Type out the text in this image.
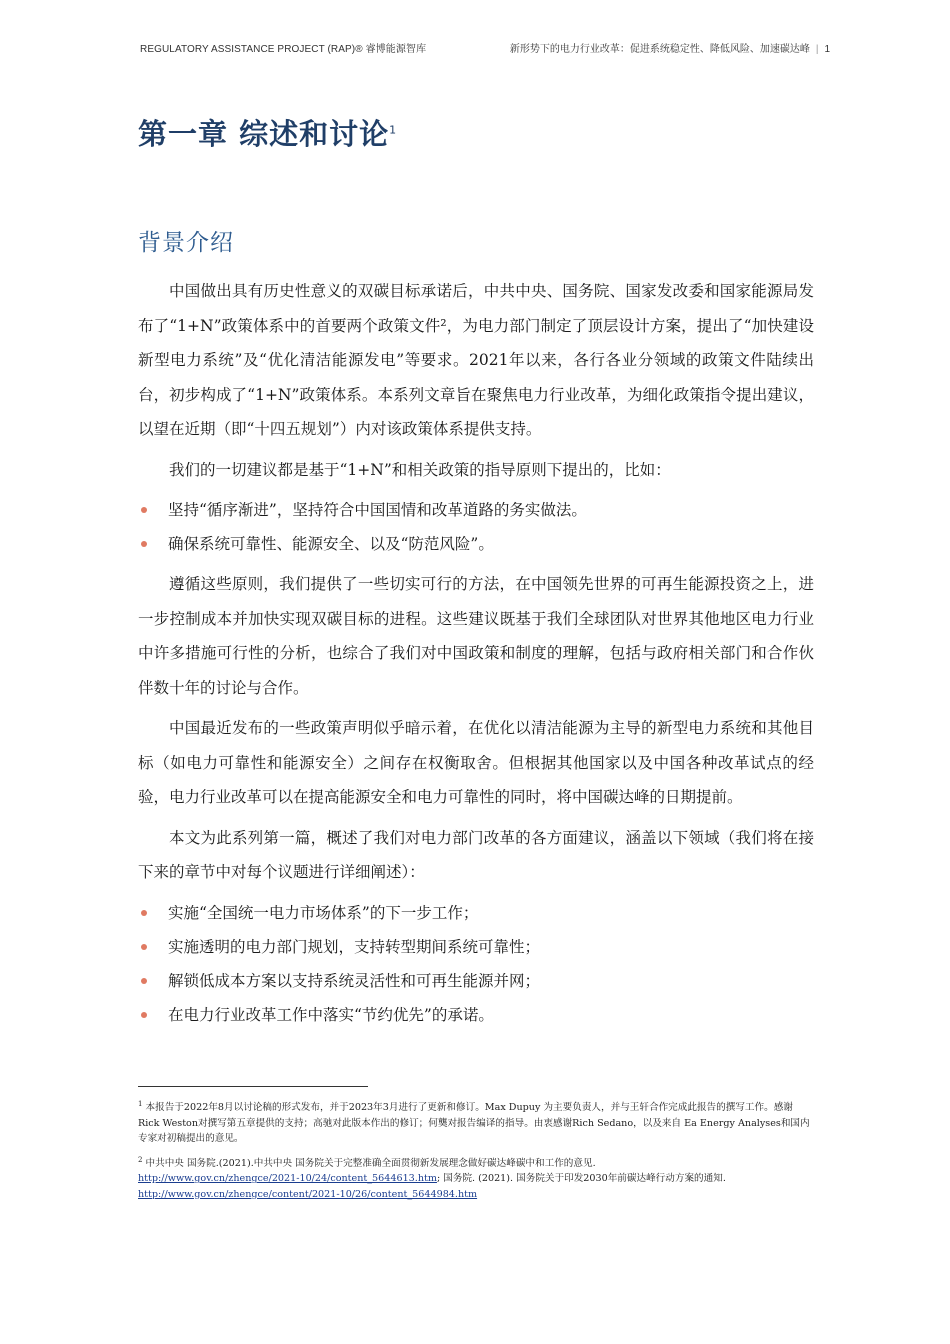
REGULATORY ASSISTANCE PROJECT (RAP)® 睿博能源智库	新形势下的电力行业改革：促进系统稳定性、降低风险、加速碳达峰 | 1
第一章 综述和讨论$^1$
背景介绍

中国做出具有历史性意义的双碳目标承诺后，中共中央、国务院、国家发改委和国家能源局发布了“1+N”政策体系中的首要两个政策文件²，为电力部门制定了顶层设计方案，提出了“加快建设新型电力系统”及“优化清洁能源发电”等要求。2021年以来，各行各业分领域的政策文件陆续出台，初步构成了“1+N”政策体系。本系列文章旨在聚焦电力行业改革，为细化政策指令提出建议，以望在近期（即“十四五规划”）内对该政策体系提供支持。

我们的一切建议都是基于“1+N”和相关政策的指导原则下提出的，比如：

坚持“循序渐进”，坚持符合中国国情和改革道路的务实做法。
确保系统可靠性、能源安全、以及“防范风险”。

遵循这些原则，我们提供了一些切实可行的方法，在中国领先世界的可再生能源投资之上，进一步控制成本并加快实现双碳目标的进程。这些建议既基于我们全球团队对世界其他地区电力行业中许多措施可行性的分析，也综合了我们对中国政策和制度的理解，包括与政府相关部门和合作伙伴数十年的讨论与合作。

中国最近发布的一些政策声明似乎暗示着，在优化以清洁能源为主导的新型电力系统和其他目标（如电力可靠性和能源安全）之间存在权衡取舍。但根据其他国家以及中国各种改革试点的经验，电力行业改革可以在提高能源安全和电力可靠性的同时，将中国碳达峰的日期提前。

本文为此系列第一篇，概述了我们对电力部门改革的各方面建议，涵盖以下领域（我们将在接下来的章节中对每个议题进行详细阐述）：

实施“全国统一电力市场体系”的下一步工作；
实施透明的电力部门规划，支持转型期间系统可靠性；
解锁低成本方案以支持系统灵活性和可再生能源并网；
在电力行业改革工作中落实“节约优先”的承诺。
$^1$ 本报告于2022年8月以讨论稿的形式发布，并于2023年3月进行了更新和修订。Max Dupuy 为主要负责人，并与王轩合作完成此报告的撰写工作。感谢Rick Weston对撰写第五章提供的支持；高驰对此版本作出的修订；何龑对报告编译的指导。由衷感谢Rich Sedano，以及来自 Ea Energy Analyses和国内专家对初稿提出的意见。
$^2$ 中共中央 国务院.(2021).中共中央 国务院关于完整准确全面贯彻新发展理念做好碳达峰碳中和工作的意见.
http://www.gov.cn/zhengce/2021-10/24/content_5644613.htm; 国务院. (2021). 国务院关于印发2030年前碳达峰行动方案的通知.
http://www.gov.cn/zhengce/content/2021-10/26/content_5644984.htm
